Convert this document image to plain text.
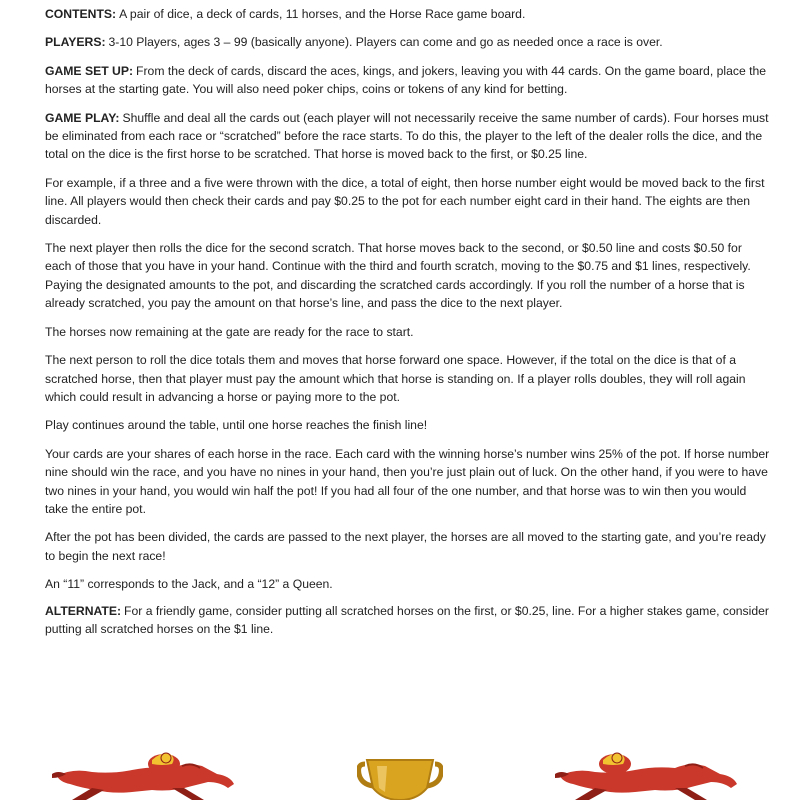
CONTENTS: A pair of dice, a deck of cards, 11 horses, and the Horse Race game board.

PLAYERS: 3-10 Players, ages 3 – 99 (basically anyone). Players can come and go as needed once a race is over.

GAME SET UP: From the deck of cards, discard the aces, kings, and jokers, leaving you with 44 cards. On the game board, place the horses at the starting gate. You will also need poker chips, coins or tokens of any kind for betting.

GAME PLAY: Shuffle and deal all the cards out (each player will not necessarily receive the same number of cards). Four horses must be eliminated from each race or “scratched” before the race starts. To do this, the player to the left of the dealer rolls the dice, and the total on the dice is the first horse to be scratched. That horse is moved back to the first, or $0.25 line.

For example, if a three and a five were thrown with the dice, a total of eight, then horse number eight would be moved back to the first line. All players would then check their cards and pay $0.25 to the pot for each number eight card in their hand. The eights are then discarded.

The next player then rolls the dice for the second scratch. That horse moves back to the second, or $0.50 line and costs $0.50 for each of those that you have in your hand. Continue with the third and fourth scratch, moving to the $0.75 and $1 lines, respectively. Paying the designated amounts to the pot, and discarding the scratched cards accordingly. If you roll the number of a horse that is already scratched, you pay the amount on that horse’s line, and pass the dice to the next player.

The horses now remaining at the gate are ready for the race to start.

The next person to roll the dice totals them and moves that horse forward one space. However, if the total on the dice is that of a scratched horse, then that player must pay the amount which that horse is standing on. If a player rolls doubles, they will roll again which could result in advancing a horse or paying more to the pot.

Play continues around the table, until one horse reaches the finish line!

Your cards are your shares of each horse in the race. Each card with the winning horse’s number wins 25% of the pot. If horse number nine should win the race, and you have no nines in your hand, then you’re just plain out of luck. On the other hand, if you were to have two nines in your hand, you would win half the pot! If you had all four of the one number, and that horse was to win then you would take the entire pot.

After the pot has been divided, the cards are passed to the next player, the horses are all moved to the starting gate, and you’re ready to begin the next race!

An “11” corresponds to the Jack, and a “12” a Queen.

ALTERNATE: For a friendly game, consider putting all scratched horses on the first, or $0.25, line. For a higher stakes game, consider putting all scratched horses on the $1 line.
